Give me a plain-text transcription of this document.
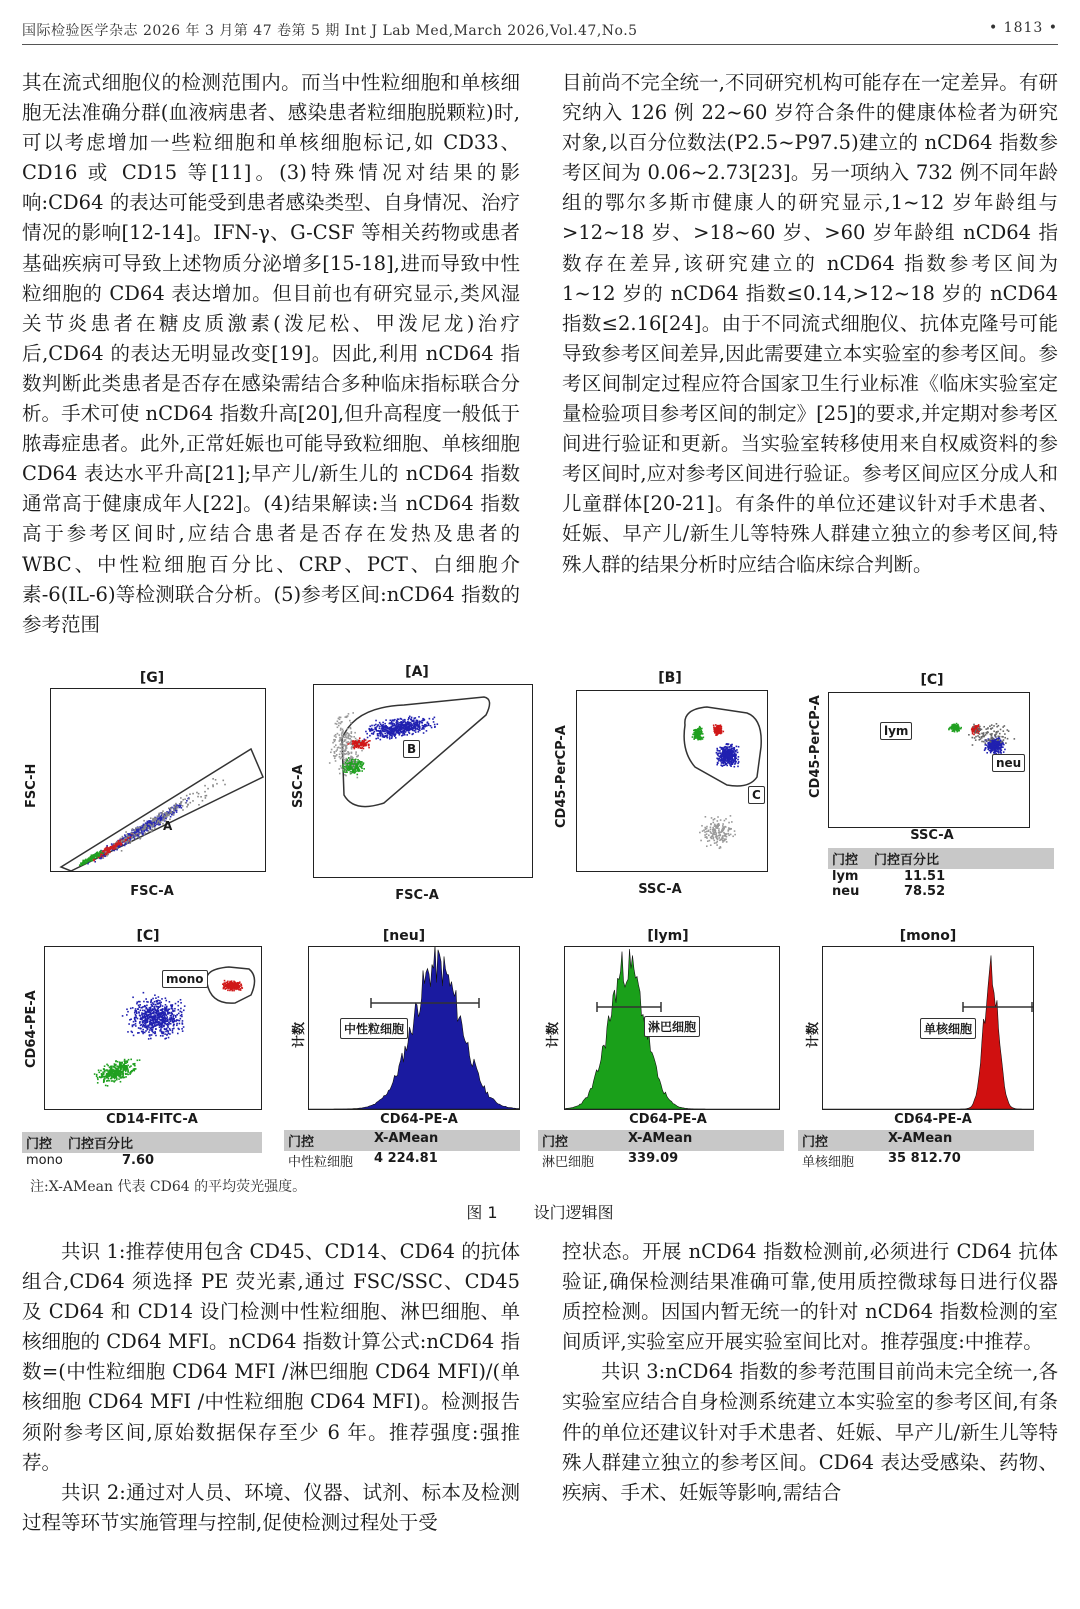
国际检验医学杂志 2026 年 3 月第 47 卷第 5 期 Int J Lab Med,March 2026,Vol.47,No.5	• 1813 •

其在流式细胞仪的检测范围内。而当中性粒细胞和单核细胞无法准确分群(血液病患者、感染患者粒细胞脱颗粒)时,可以考虑增加一些粒细胞和单核细胞标记,如 CD33、CD16 或 CD15 等[11]。(3)特殊情况对结果的影响:CD64 的表达可能受到患者感染类型、自身情况、治疗情况的影响[12-14]。IFN-γ、G-CSF 等相关药物或患者基础疾病可导致上述物质分泌增多[15-18],进而导致中性粒细胞的 CD64 表达增加。但目前也有研究显示,类风湿关节炎患者在糖皮质激素(泼尼松、甲泼尼龙)治疗后,CD64 的表达无明显改变[19]。因此,利用 nCD64 指数判断此类患者是否存在感染需结合多种临床指标联合分析。手术可使 nCD64 指数升高[20],但升高程度一般低于脓毒症患者。此外,正常妊娠也可能导致粒细胞、单核细胞 CD64 表达水平升高[21];早产儿/新生儿的 nCD64 指数通常高于健康成年人[22]。(4)结果解读:当 nCD64 指数高于参考区间时,应结合患者是否存在发热及患者的 WBC、中性粒细胞百分比、CRP、PCT、白细胞介素-6(IL-6)等检测联合分析。(5)参考区间:nCD64 指数的参考范围

目前尚不完全统一,不同研究机构可能存在一定差异。有研究纳入 126 例 22~60 岁符合条件的健康体检者为研究对象,以百分位数法(P2.5~P97.5)建立的 nCD64 指数参考区间为 0.06~2.73[23]。另一项纳入 732 例不同年龄组的鄂尔多斯市健康人的研究显示,1~12 岁年龄组与>12~18 岁、>18~60 岁、>60 岁年龄组 nCD64 指数存在差异,该研究建立的 nCD64 指数参考区间为 1~12 岁的 nCD64 指数≤0.14,>12~18 岁的 nCD64 指数≤2.16[24]。由于不同流式细胞仪、抗体克隆号可能导致参考区间差异,因此需要建立本实验室的参考区间。参考区间制定过程应符合国家卫生行业标准《临床实验室定量检验项目参考区间的制定》[25]的要求,并定期对参考区间进行验证和更新。当实验室转移使用来自权威资料的参考区间时,应对参考区间进行验证。参考区间应区分成人和儿童群体[20-21]。有条件的单位还建议针对手术患者、妊娠、早产儿/新生儿等特殊人群建立独立的参考区间,特殊人群的结果分析时应结合临床综合判断。

[G]
A
FSC-H
FSC-A
[A]
B
SSC-A
FSC-A
[B]
C
CD45-PerCP-A
SSC-A
[C]
lym
neu
CD45-PerCP-A
SSC-A
门控 门控百分比
lym	11.51
neu	78.52
[C]
mono
CD64-PE-A
CD14-FITC-A
门控 门控百分比
mono	7.60
[neu]
中性粒细胞
计数
CD64-PE-A
门控	X-AMean
中性粒细胞	4 224.81
[lym]
淋巴细胞
计数
CD64-PE-A
门控	X-AMean
淋巴细胞	339.09
[mono]
单核细胞
计数
CD64-PE-A
门控	X-AMean
单核细胞	35 812.70
注:X-AMean 代表 CD64 的平均荧光强度。
图 1 设门逻辑图

共识 1:推荐使用包含 CD45、CD14、CD64 的抗体组合,CD64 须选择 PE 荧光素,通过 FSC/SSC、CD45 及 CD64 和 CD14 设门检测中性粒细胞、淋巴细胞、单核细胞的 CD64 MFI。nCD64 指数计算公式:nCD64 指数=(中性粒细胞 CD64 MFI /淋巴细胞 CD64 MFI)/(单核细胞 CD64 MFI /中性粒细胞 CD64 MFI)。检测报告须附参考区间,原始数据保存至少 6 年。推荐强度:强推荐。

共识 2:通过对人员、环境、仪器、试剂、标本及检测过程等环节实施管理与控制,促使检测过程处于受

控状态。开展 nCD64 指数检测前,必须进行 CD64 抗体验证,确保检测结果准确可靠,使用质控微球每日进行仪器质控检测。因国内暂无统一的针对 nCD64 指数检测的室间质评,实验室应开展实验室间比对。推荐强度:中推荐。

共识 3:nCD64 指数的参考范围目前尚未完全统一,各实验室应结合自身检测系统建立本实验室的参考区间,有条件的单位还建议针对手术患者、妊娠、早产儿/新生儿等特殊人群建立独立的参考区间。CD64 表达受感染、药物、疾病、手术、妊娠等影响,需结合
